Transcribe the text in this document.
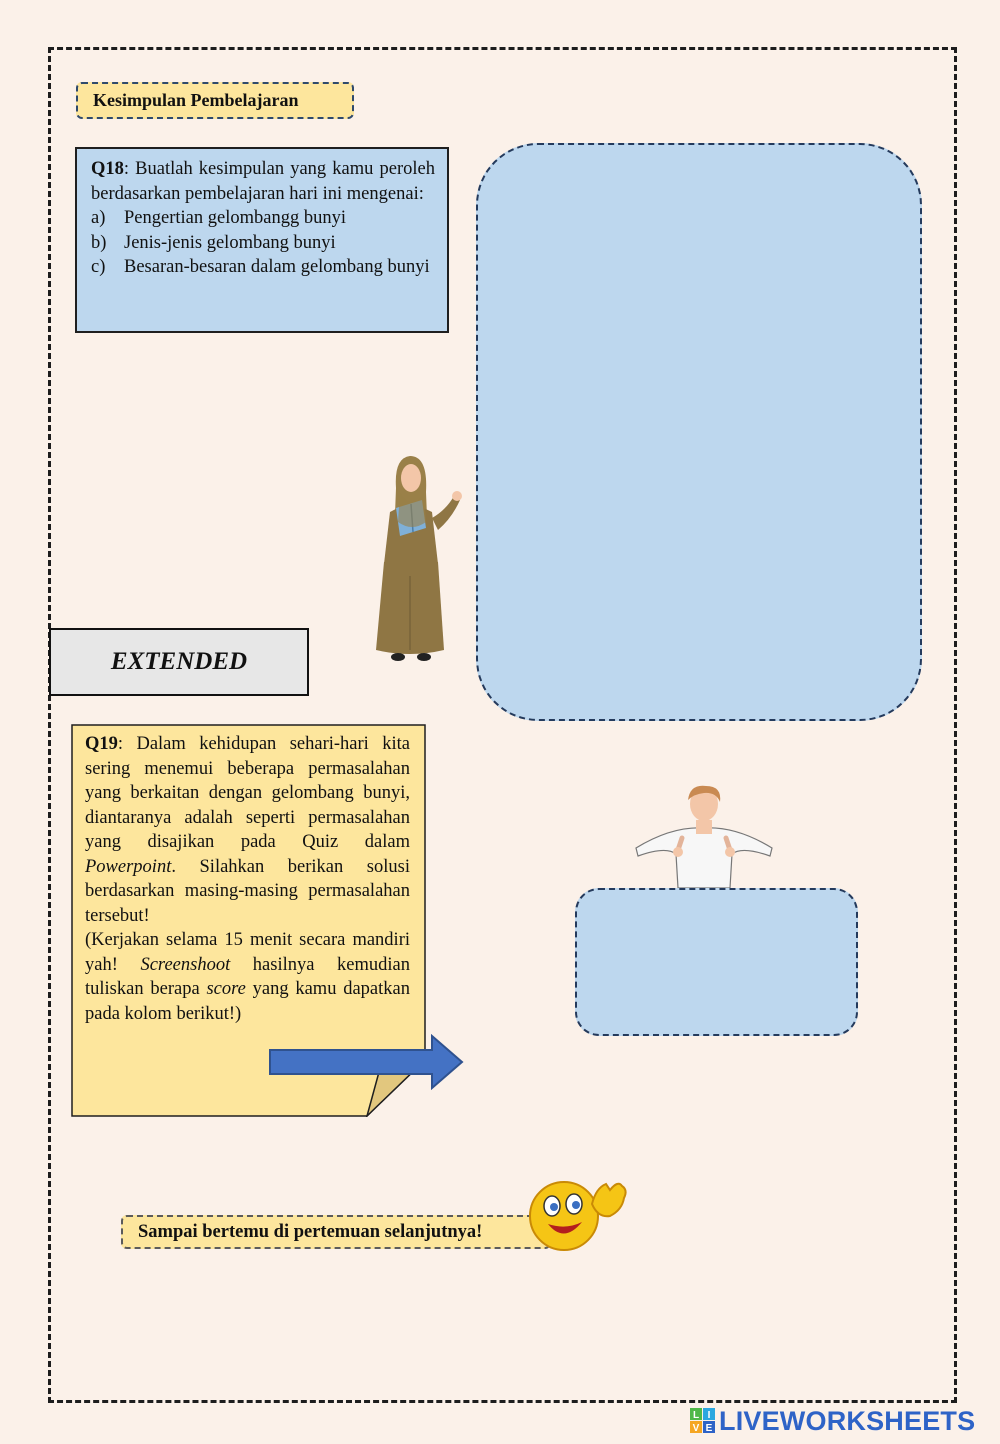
Kesimpulan Pembelajaran
Q18: Buatlah kesimpulan yang kamu peroleh berdasarkan pembelajaran hari ini mengenai:
a)	Pengertian gelombangg bunyi
b) Jenis-jenis gelombang bunyi
c)	Besaran-besaran dalam gelombang bunyi
EXTENDED
Q19: Dalam kehidupan sehari-hari kita sering menemui beberapa permasalahan yang berkaitan dengan gelombang bunyi, diantaranya adalah seperti permasalahan yang disajikan pada Quiz dalam Powerpoint. Silahkan berikan solusi berdasarkan masing-masing permasalahan tersebut!
(Kerjakan selama 15 menit secara mandiri yah! Screenshoot hasilnya kemudian tuliskan berapa score yang kamu dapatkan pada kolom berikut!)
Sampai bertemu di pertemuan selanjutnya!
L I
V E LIVEWORKSHEETS
